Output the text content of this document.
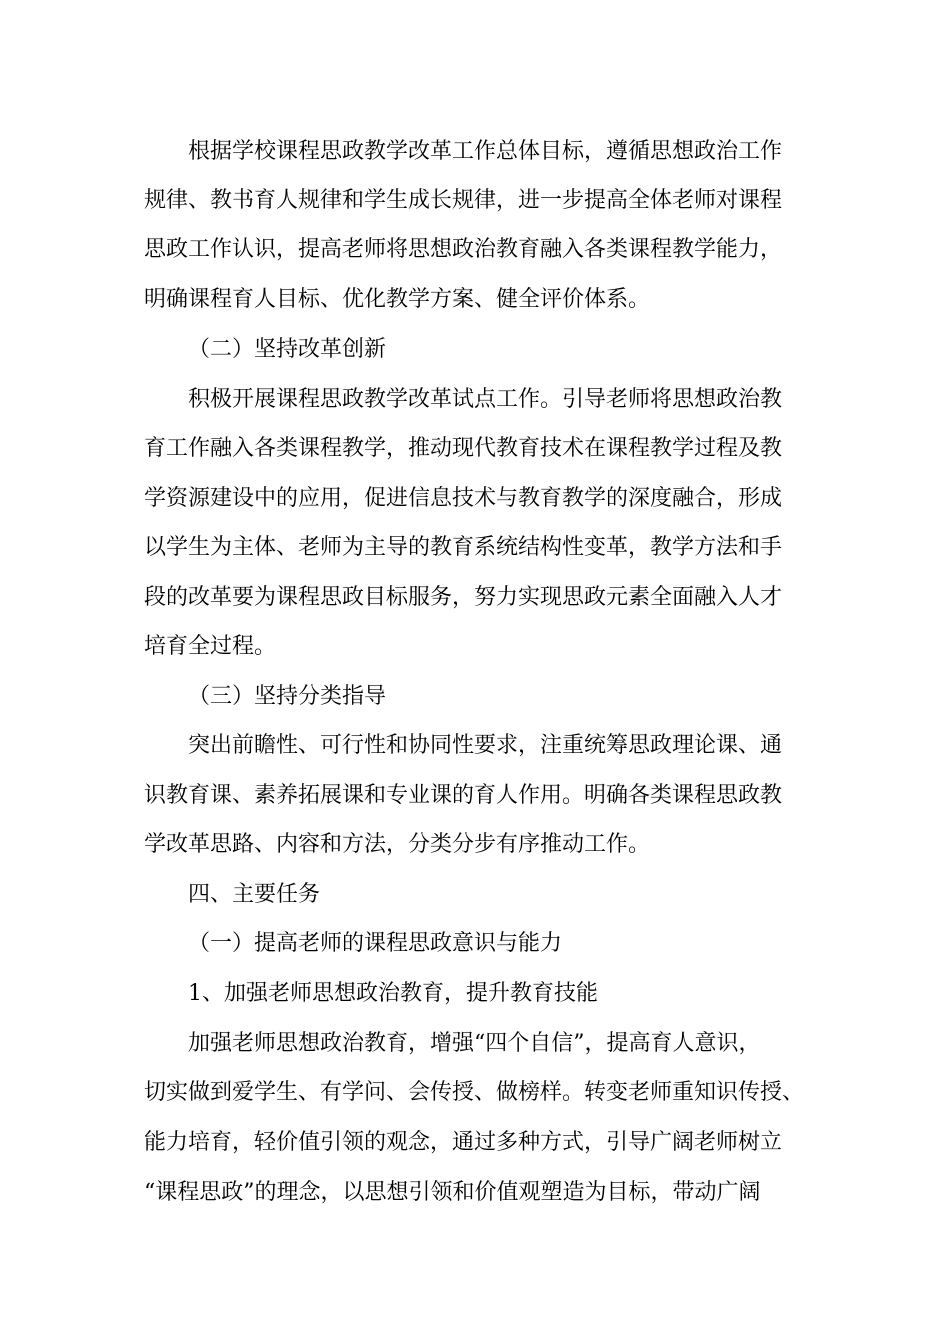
根据学校课程思政教学改革工作总体目标，遵循思想政治工作
规律、教书育人规律和学生成长规律，进一步提高全体老师对课程
思政工作认识，提高老师将思想政治教育融入各类课程教学能力，
明确课程育人目标、优化教学方案、健全评价体系。
（二）坚持改革创新
积极开展课程思政教学改革试点工作。引导老师将思想政治教
育工作融入各类课程教学，推动现代教育技术在课程教学过程及教
学资源建设中的应用，促进信息技术与教育教学的深度融合，形成
以学生为主体、老师为主导的教育系统结构性变革，教学方法和手
段的改革要为课程思政目标服务，努力实现思政元素全面融入人才
培育全过程。
（三）坚持分类指导
突出前瞻性、可行性和协同性要求，注重统筹思政理论课、通
识教育课、素养拓展课和专业课的育人作用。明确各类课程思政教
学改革思路、内容和方法，分类分步有序推动工作。
四、主要任务
（一）提高老师的课程思政意识与能力
1、加强老师思想政治教育，提升教育技能
加强老师思想政治教育，增强“四个自信”，提高育人意识，
切实做到爱学生、有学问、会传授、做榜样。转变老师重知识传授、
能力培育，轻价值引领的观念，通过多种方式，引导广阔老师树立
“课程思政”的理念，以思想引领和价值观塑造为目标，带动广阔
